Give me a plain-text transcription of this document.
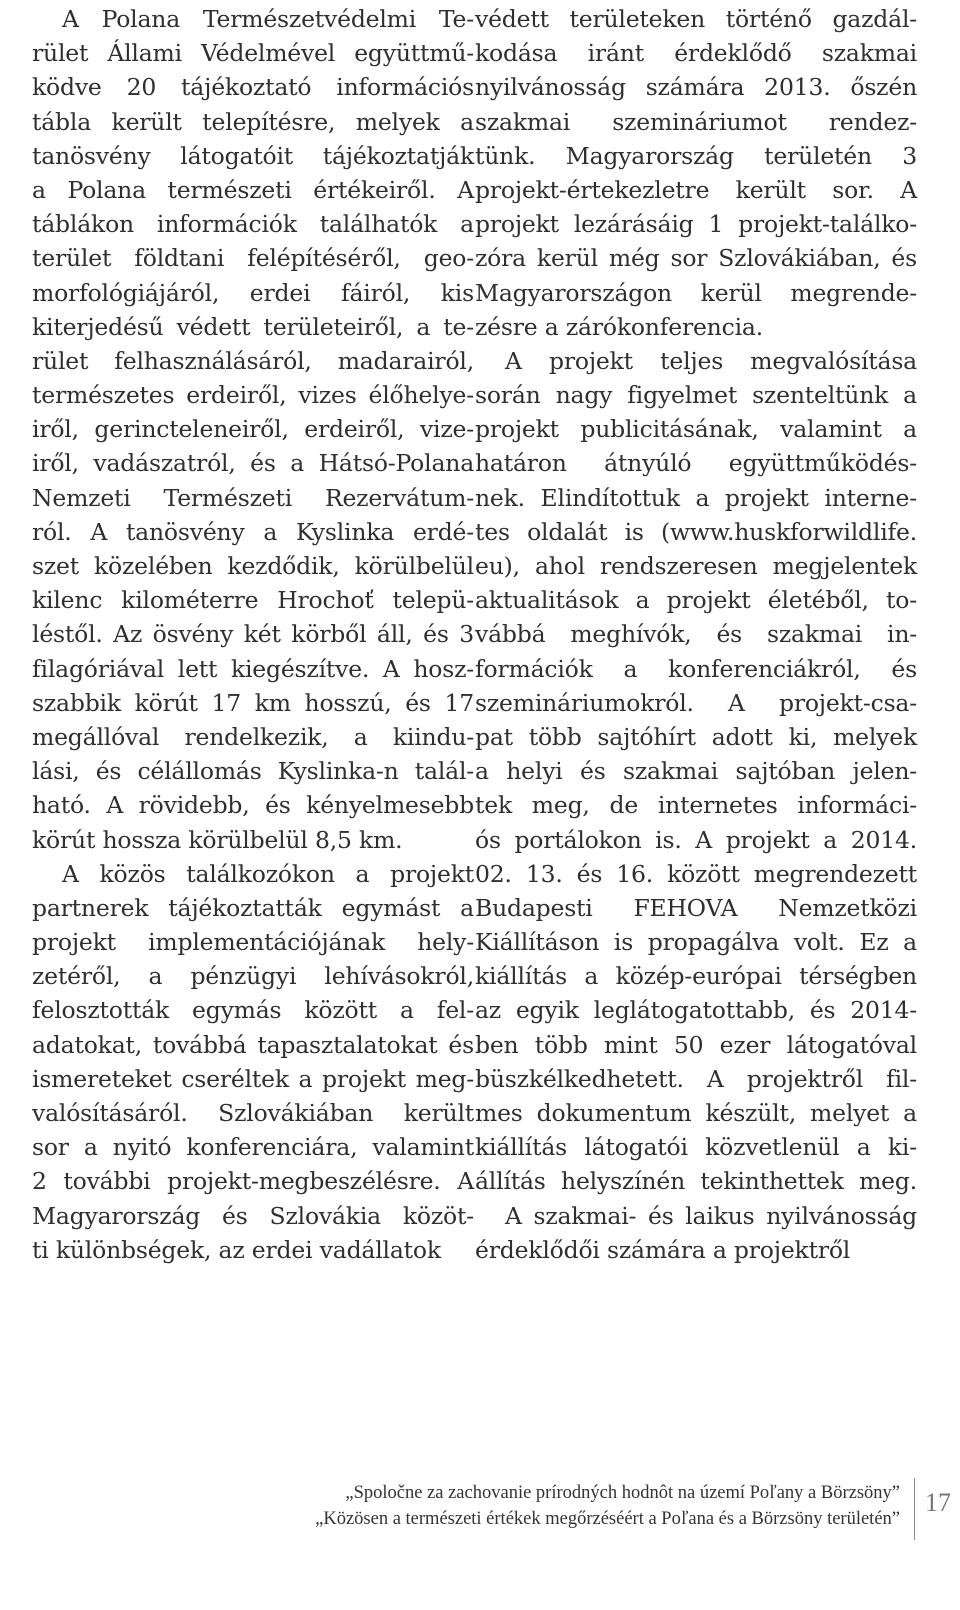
A Polana Természetvédelmi Te-
rület Állami Védelmével együttmű-
ködve 20 tájékoztató információs
tábla került telepítésre, melyek a
tanösvény látogatóit tájékoztatják
a Polana természeti értékeiről. A
táblákon információk találhatók a
terület földtani felépítéséről, geo-
morfológiájáról, erdei fáiról, kis
kiterjedésű védett területeiről, a te-
rület felhasználásáról, madarairól,
természetes erdeiről, vizes élőhelye-
iről, gerincteleneiről, erdeiről, vize-
iről, vadászatról, és a Hátsó-Polana
Nemzeti Természeti Rezervátum-
ról. A tanösvény a Kyslinka erdé-
szet közelében kezdődik, körülbelül
kilenc kilométerre Hrochoť telepü-
léstől. Az ösvény két körből áll, és 3
filagóriával lett kiegészítve. A hosz-
szabbik körút 17 km hosszú, és 17
megállóval rendelkezik, a kiindu-
lási, és célállomás Kyslinka-n talál-
ható. A rövidebb, és kényelmesebb
körút hossza körülbelül 8,5 km.
A közös találkozókon a projekt
partnerek tájékoztatták egymást a
projekt implementációjának hely-
zetéről, a pénzügyi lehívásokról,
felosztották egymás között a fel-
adatokat, továbbá tapasztalatokat és
ismereteket cseréltek a projekt meg-
valósításáról. Szlovákiában került
sor a nyitó konferenciára, valamint
2 további projekt-megbeszélésre. A
Magyarország és Szlovákia közöt-
ti különbségek, az erdei vadállatok
védett területeken történő gazdál-
kodása iránt érdeklődő szakmai
nyilvánosság számára 2013. őszén
szakmai szemináriumot rendez-
tünk. Magyarország területén 3
projekt-értekezletre került sor. A
projekt lezárásáig 1 projekt-találko-
zóra kerül még sor Szlovákiában, és
Magyarországon kerül megrende-
zésre a zárókonferencia.
A projekt teljes megvalósítása
során nagy figyelmet szenteltünk a
projekt publicitásának, valamint a
határon átnyúló együttműködés-
nek. Elindítottuk a projekt interne-
tes oldalát is (www.huskforwildlife.
eu), ahol rendszeresen megjelentek
aktualitások a projekt életéből, to-
vábbá meghívók, és szakmai in-
formációk a konferenciákról, és
szemináriumokról. A projekt-csa-
pat több sajtóhírt adott ki, melyek
a helyi és szakmai sajtóban jelen-
tek meg, de internetes informáci-
ós portálokon is. A projekt a 2014.
02. 13. és 16. között megrendezett
Budapesti FEHOVA Nemzetközi
Kiállításon is propagálva volt. Ez a
kiállítás a közép-európai térségben
az egyik leglátogatottabb, és 2014-
ben több mint 50 ezer látogatóval
büszkélkedhetett. A projektről fil-
mes dokumentum készült, melyet a
kiállítás látogatói közvetlenül a ki-
állítás helyszínén tekinthettek meg.
A szakmai- és laikus nyilvánosság
érdeklődői számára a projektről
„Spoločne za zachovanie prírodných hodnôt na území Poľany a Börzsöny”
„Közösen a természeti értékek megőrzéséért a Poľana és a Börzsöny területén”
17
